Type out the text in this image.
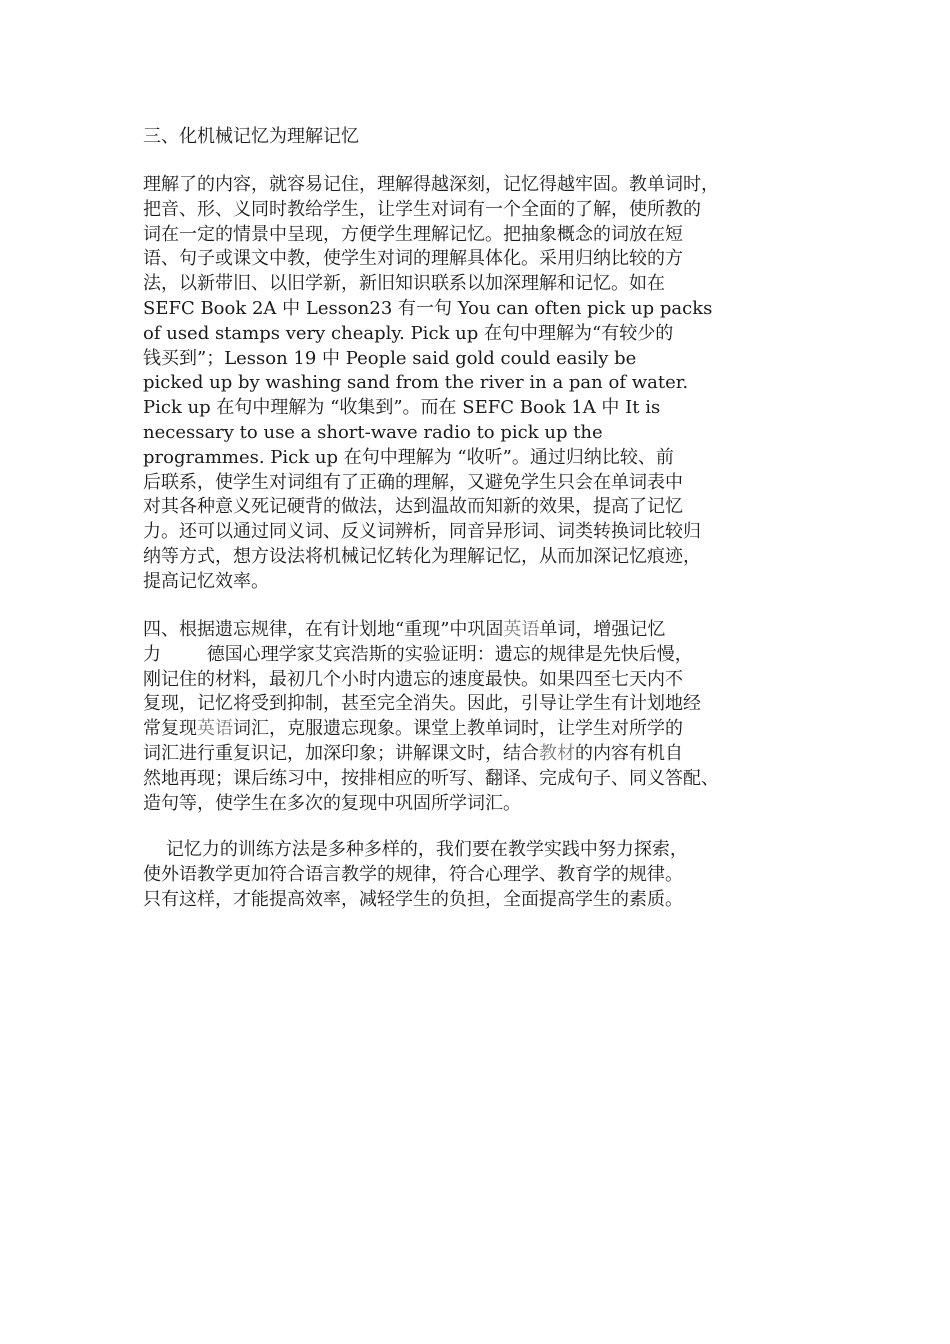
三、化机械记忆为理解记忆
理解了的内容，就容易记住，理解得越深刻，记忆得越牢固。教单词时，
把音、形、义同时教给学生，让学生对词有一个全面的了解，使所教的
词在一定的情景中呈现，方便学生理解记忆。把抽象概念的词放在短
语、句子或课文中教，使学生对词的理解具体化。采用归纳比较的方
法，以新带旧、以旧学新，新旧知识联系以加深理解和记忆。如在
SEFC Book 2A 中 Lesson23 有一句 You can often pick up packs
of used stamps very cheaply. Pick up 在句中理解为“有较少的
钱买到”；Lesson 19 中 People said gold could easily be
picked up by washing sand from the river in a pan of water.
Pick up 在句中理解为 “收集到”。而在 SEFC Book 1A 中 It is
necessary to use a short-wave radio to pick up the
programmes. Pick up 在句中理解为 “收听”。通过归纳比较、前
后联系，使学生对词组有了正确的理解，又避免学生只会在单词表中
对其各种意义死记硬背的做法，达到温故而知新的效果，提高了记忆
力。还可以通过同义词、反义词辨析，同音异形词、词类转换词比较归
纳等方式，想方设法将机械记忆转化为理解记忆，从而加深记忆痕迹，
提高记忆效率。
四、根据遗忘规律，在有计划地“重现”中巩固英语单词，增强记忆
力        德国心理学家艾宾浩斯的实验证明：遗忘的规律是先快后慢，
刚记住的材料，最初几个小时内遗忘的速度最快。如果四至七天内不
复现，记忆将受到抑制，甚至完全消失。因此，引导让学生有计划地经
常复现英语词汇，克服遗忘现象。课堂上教单词时，让学生对所学的
词汇进行重复识记，加深印象；讲解课文时，结合教材的内容有机自
然地再现；课后练习中，按排相应的听写、翻译、完成句子、同义答配、
造句等，使学生在多次的复现中巩固所学词汇。
记忆力的训练方法是多种多样的，我们要在教学实践中努力探索，
使外语教学更加符合语言教学的规律，符合心理学、教育学的规律。
只有这样，才能提高效率，减轻学生的负担，全面提高学生的素质。
